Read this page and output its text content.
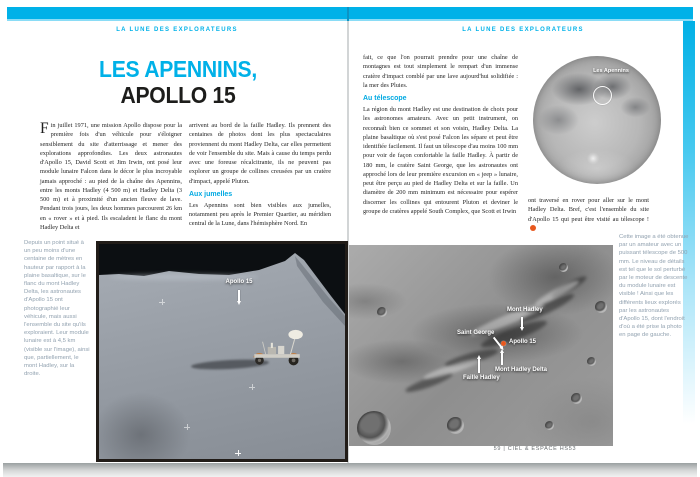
LA LUNE DES EXPLORATEURS	LA LUNE DES EXPLORATEURS
LES APENNINS,
APOLLO 15
Fin juillet 1971, une mission Apollo dispose pour la première fois d'un véhicule pour s'éloigner sensiblement du site d'atterrissage et mener des explorations approfondies. Les deux astronautes d'Apollo 15, David Scott et Jim Irwin, ont posé leur module lunaire Falcon dans le décor le plus incroyable jamais approché : au pied de la chaîne des Apennins, entre les monts Hadley (4 500 m) et Hadley Delta (3 500 m) et à proximité d'un ancien fleuve de lave. Pendant trois jours, les deux hommes parcourent 26 km en « rover » et à pied. Ils escaladent le flanc du mont Hadley Delta et
arrivent au bord de la faille Hadley. Ils prennent des centaines de photos dont les plus spectaculaires proviennent du mont Hadley Delta, car elles permettent de voir l'ensemble du site. Mais à cause du temps perdu avec une foreuse récalcitrante, ils ne peuvent pas explorer un groupe de collines creusées par un cratère d'impact, appelé Pluton.
Aux jumelles
Les Apennins sont bien visibles aux jumelles, notamment peu après le Premier Quartier, au méridien central de la Lune, dans l'hémisphère Nord. En
Depuis un point situé à un peu moins d'une centaine de mètres en hauteur par rapport à la plaine basaltique, sur le flanc du mont Hadley Delta, les astronautes d'Apollo 15 ont photographié leur véhicule, mais aussi l'ensemble du site qu'ils exploraient. Leur module lunaire est à 4,5 km (visible sur l'image), ainsi que, partiellement, le mont Hadley, sur la droite.
Apollo 15
fait, ce que l'on pourrait prendre pour une chaîne de montagnes est tout simplement le rempart d'un immense cratère d'impact comblé par une lave aujourd'hui solidifiée : la mer des Pluies.
Au télescope
La région du mont Hadley est une destination de choix pour les astronomes amateurs. Avec un petit instrument, on reconnaît bien ce sommet et son voisin, Hadley Delta. La plaine basaltique où s'est posé Falcon les sépare et peut être identifiée facilement. Il faut un télescope d'au moins 100 mm pour voir de façon confortable la faille Hadley. À partir de 180 mm, le cratère Saint George, que les astronautes ont approché lors de leur première excursion en « jeep » lunaire, peut être perçu au pied de Hadley Delta et sur la faille. Un diamètre de 200 mm minimum est nécessaire pour espérer discerner les collines qui entourent Pluton et deviner le groupe de cratères appelé South Complex, que Scott et Irwin
ont traversé en rover pour aller sur le mont Hadley Delta. Bref, c'est l'ensemble du site d'Apollo 15 qui peut être visité au télescope !
Les Apennins
Mont Hadley
Saint George
Apollo 15
Mont Hadley Delta
Faille Hadley
Cette image a été obtenue par un amateur avec un puissant télescope de 500 mm. Le niveau de détails est tel que le sol perturbé par le moteur de descente du module lunaire est visible ! Ainsi que les différents lieux explorés par les astronautes d'Apollo 15, dont l'endroit d'où a été prise la photo en page de gauche.
59 | CIEL & ESPACE HS53
